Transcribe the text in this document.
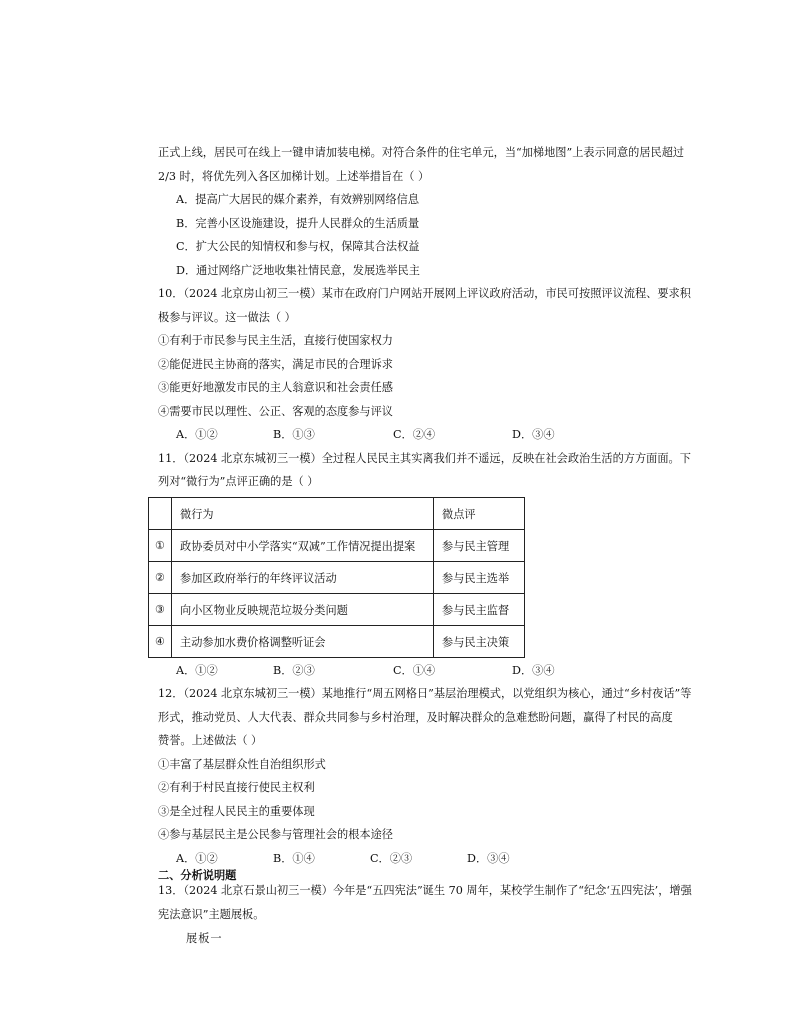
正式上线，居民可在线上一键申请加装电梯。对符合条件的住宅单元，当“加梯地图”上表示同意的居民超过
2/3 时，将优先列入各区加梯计划。上述举措旨在（ ）
A．提高广大居民的媒介素养，有效辨别网络信息
B．完善小区设施建设，提升人民群众的生活质量
C．扩大公民的知情权和参与权，保障其合法权益
D．通过网络广泛地收集社情民意，发展选举民主
10．（2024 北京房山初三一模）某市在政府门户网站开展网上评议政府活动，市民可按照评议流程、要求积
极参与评议。这一做法（ ）
①有利于市民参与民主生活，直接行使国家权力
②能促进民主协商的落实，满足市民的合理诉求
③能更好地激发市民的主人翁意识和社会责任感
④需要市民以理性、公正、客观的态度参与评议
A．①②	B．①③	C．②④	D．③④
11．（2024 北京东城初三一模）全过程人民民主其实离我们并不遥远，反映在社会政治生活的方方面面。下
列对“微行为”点评正确的是（ ）
	微行为	微点评
①	政协委员对中小学落实“双减”工作情况提出提案	参与民主管理
②	参加区政府举行的年终评议活动	参与民主选举
③	向小区物业反映规范垃圾分类问题	参与民主监督
④	主动参加水费价格调整听证会	参与民主决策
A．①②	B．②③	C．①④	D．③④
12．（2024 北京东城初三一模）某地推行“周五网格日”基层治理模式，以党组织为核心，通过“乡村夜话”等
形式，推动党员、人大代表、群众共同参与乡村治理，及时解决群众的急难愁盼问题，赢得了村民的高度
赞誉。上述做法（ ）
①丰富了基层群众性自治组织形式
②有利于村民直接行使民主权利
③是全过程人民民主的重要体现
④参与基层民主是公民参与管理社会的根本途径
A．①②	B．①④	C．②③	D．③④
二、分析说明题
13．（2024 北京石景山初三一模）今年是“五四宪法”诞生 70 周年，某校学生制作了“纪念‘五四宪法’，增强
宪法意识”主题展板。
展板一
